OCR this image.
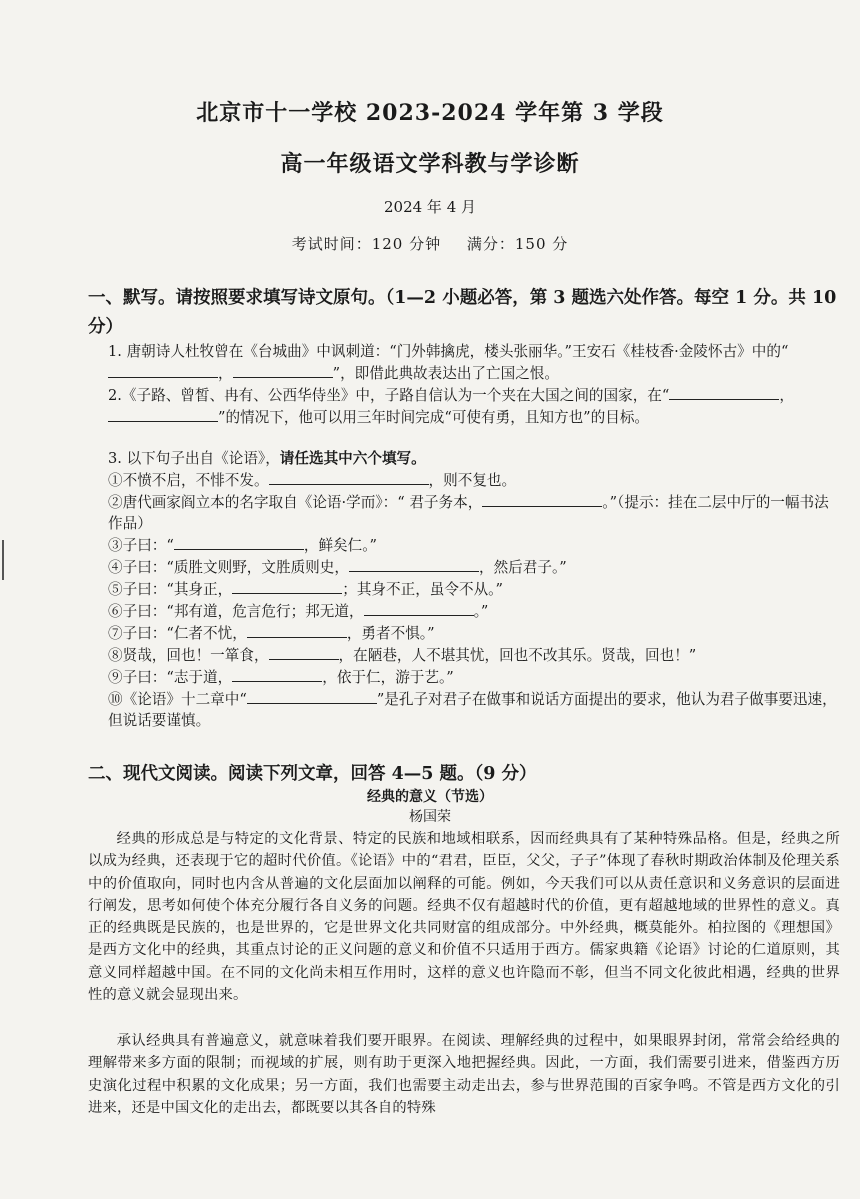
北京市十一学校 2023-2024 学年第 3 学段
高一年级语文学科教与学诊断
2024 年 4 月
考试时间：120 分钟 满分：150 分
一、默写。请按照要求填写诗文原句。（1—2 小题必答，第 3 题选六处作答。每空 1 分。共 10 分）
1. 唐朝诗人杜牧曾在《台城曲》中讽刺道：“门外韩擒虎，楼头张丽华。”王安石《桂枝香·金陵怀古》中的“，	”，即借此典故表达出了亡国之恨。
2.《子路、曾皙、冉有、公西华侍坐》中，子路自信认为一个夹在大国之间的国家，在“	，”的情况下，他可以用三年时间完成“可使有勇，且知方也”的目标。
3. 以下句子出自《论语》，请任选其中六个填写。
①不愤不启，不悱不发。	，则不复也。
②唐代画家阎立本的名字取自《论语·学而》：“ 君子务本，	。”（提示：挂在二层中厅的一幅书法作品）
③子曰：“	，鲜矣仁。”
④子曰：“质胜文则野，文胜质则史，	，然后君子。”
⑤子曰：“其身正，	；其身不正，虽令不从。”
⑥子曰：“邦有道，危言危行；邦无道，	。”
⑦子曰：“仁者不忧，	，勇者不惧。”
⑧贤哉，回也！一箪食，	，在陋巷，人不堪其忧，回也不改其乐。贤哉，回也！”
⑨子曰：“志于道，	，依于仁，游于艺。”
⑩《论语》十二章中“	”是孔子对君子在做事和说话方面提出的要求，他认为君子做事要迅速，但说话要谨慎。
二、现代文阅读。阅读下列文章，回答 4—5 题。（9 分）
经典的意义（节选）
杨国荣
经典的形成总是与特定的文化背景、特定的民族和地域相联系，因而经典具有了某种特殊品格。但是，经典之所以成为经典，还表现于它的超时代价值。《论语》中的“君君，臣臣，父父，子子”体现了春秋时期政治体制及伦理关系中的价值取向，同时也内含从普遍的文化层面加以阐释的可能。例如，今天我们可以从责任意识和义务意识的层面进行阐发，思考如何使个体充分履行各自义务的问题。经典不仅有超越时代的价值，更有超越地域的世界性的意义。真正的经典既是民族的，也是世界的，它是世界文化共同财富的组成部分。中外经典，概莫能外。柏拉图的《理想国》是西方文化中的经典，其重点讨论的正义问题的意义和价值不只适用于西方。儒家典籍《论语》讨论的仁道原则，其意义同样超越中国。在不同的文化尚未相互作用时，这样的意义也许隐而不彰，但当不同文化彼此相遇，经典的世界性的意义就会显现出来。
承认经典具有普遍意义，就意味着我们要开眼界。在阅读、理解经典的过程中，如果眼界封闭，常常会给经典的理解带来多方面的限制；而视域的扩展，则有助于更深入地把握经典。因此，一方面，我们需要引进来，借鉴西方历史演化过程中积累的文化成果；另一方面，我们也需要主动走出去，参与世界范围的百家争鸣。不管是西方文化的引进来，还是中国文化的走出去，都既要以其各自的特殊
